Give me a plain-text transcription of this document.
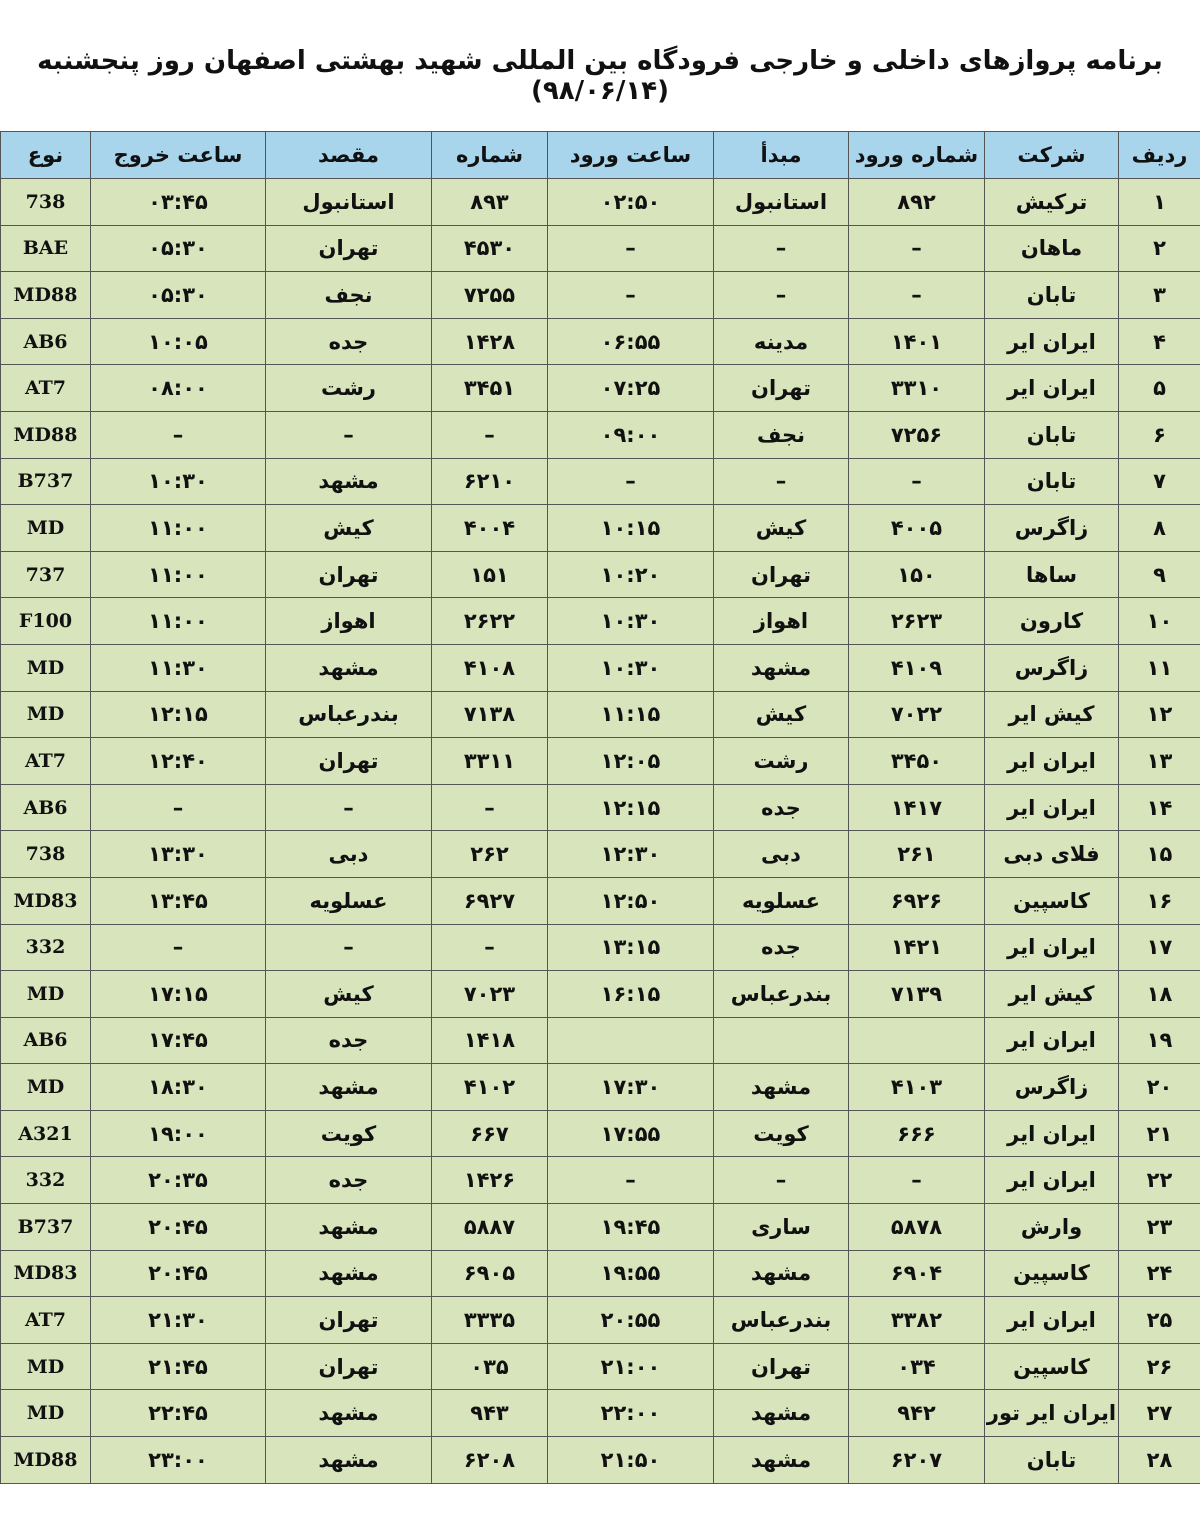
برنامه پروازهای داخلی و خارجی فرودگاه بین المللی شهید بهشتی اصفهان روز پنجشنبه (۹۸/۰۶/۱۴)
ردیف	شرکت	شماره ورود	مبدأ	ساعت ورود	شماره	مقصد	ساعت خروج	نوع
۱	ترکیش	۸۹۲	استانبول	۰۲:۵۰	۸۹۳	استانبول	۰۳:۴۵	738
۲	ماهان	–	–	–	۴۵۳۰	تهران	۰۵:۳۰	BAE
۳	تابان	–	–	–	۷۲۵۵	نجف	۰۵:۳۰	MD88
۴	ایران ایر	۱۴۰۱	مدینه	۰۶:۵۵	۱۴۲۸	جده	۱۰:۰۵	AB6
۵	ایران ایر	۳۳۱۰	تهران	۰۷:۲۵	۳۴۵۱	رشت	۰۸:۰۰	AT7
۶	تابان	۷۲۵۶	نجف	۰۹:۰۰	–	–	–	MD88
۷	تابان	–	–	–	۶۲۱۰	مشهد	۱۰:۳۰	B737
۸	زاگرس	۴۰۰۵	کیش	۱۰:۱۵	۴۰۰۴	کیش	۱۱:۰۰	MD
۹	ساها	۱۵۰	تهران	۱۰:۲۰	۱۵۱	تهران	۱۱:۰۰	737
۱۰	کارون	۲۶۲۳	اهواز	۱۰:۳۰	۲۶۲۲	اهواز	۱۱:۰۰	F100
۱۱	زاگرس	۴۱۰۹	مشهد	۱۰:۳۰	۴۱۰۸	مشهد	۱۱:۳۰	MD
۱۲	کیش ایر	۷۰۲۲	کیش	۱۱:۱۵	۷۱۳۸	بندرعباس	۱۲:۱۵	MD
۱۳	ایران ایر	۳۴۵۰	رشت	۱۲:۰۵	۳۳۱۱	تهران	۱۲:۴۰	AT7
۱۴	ایران ایر	۱۴۱۷	جده	۱۲:۱۵	–	–	–	AB6
۱۵	فلای دبی	۲۶۱	دبی	۱۲:۳۰	۲۶۲	دبی	۱۳:۳۰	738
۱۶	کاسپین	۶۹۲۶	عسلویه	۱۲:۵۰	۶۹۲۷	عسلویه	۱۳:۴۵	MD83
۱۷	ایران ایر	۱۴۲۱	جده	۱۳:۱۵	–	–	–	332
۱۸	کیش ایر	۷۱۳۹	بندرعباس	۱۶:۱۵	۷۰۲۳	کیش	۱۷:۱۵	MD
۱۹	ایران ایر				۱۴۱۸	جده	۱۷:۴۵	AB6
۲۰	زاگرس	۴۱۰۳	مشهد	۱۷:۳۰	۴۱۰۲	مشهد	۱۸:۳۰	MD
۲۱	ایران ایر	۶۶۶	کویت	۱۷:۵۵	۶۶۷	کویت	۱۹:۰۰	A321
۲۲	ایران ایر	–	–	–	۱۴۲۶	جده	۲۰:۳۵	332
۲۳	وارش	۵۸۷۸	ساری	۱۹:۴۵	۵۸۸۷	مشهد	۲۰:۴۵	B737
۲۴	کاسپین	۶۹۰۴	مشهد	۱۹:۵۵	۶۹۰۵	مشهد	۲۰:۴۵	MD83
۲۵	ایران ایر	۳۳۸۲	بندرعباس	۲۰:۵۵	۳۳۳۵	تهران	۲۱:۳۰	AT7
۲۶	کاسپین	۰۳۴	تهران	۲۱:۰۰	۰۳۵	تهران	۲۱:۴۵	MD
۲۷	ایران ایر تور	۹۴۲	مشهد	۲۲:۰۰	۹۴۳	مشهد	۲۲:۴۵	MD
۲۸	تابان	۶۲۰۷	مشهد	۲۱:۵۰	۶۲۰۸	مشهد	۲۳:۰۰	MD88
